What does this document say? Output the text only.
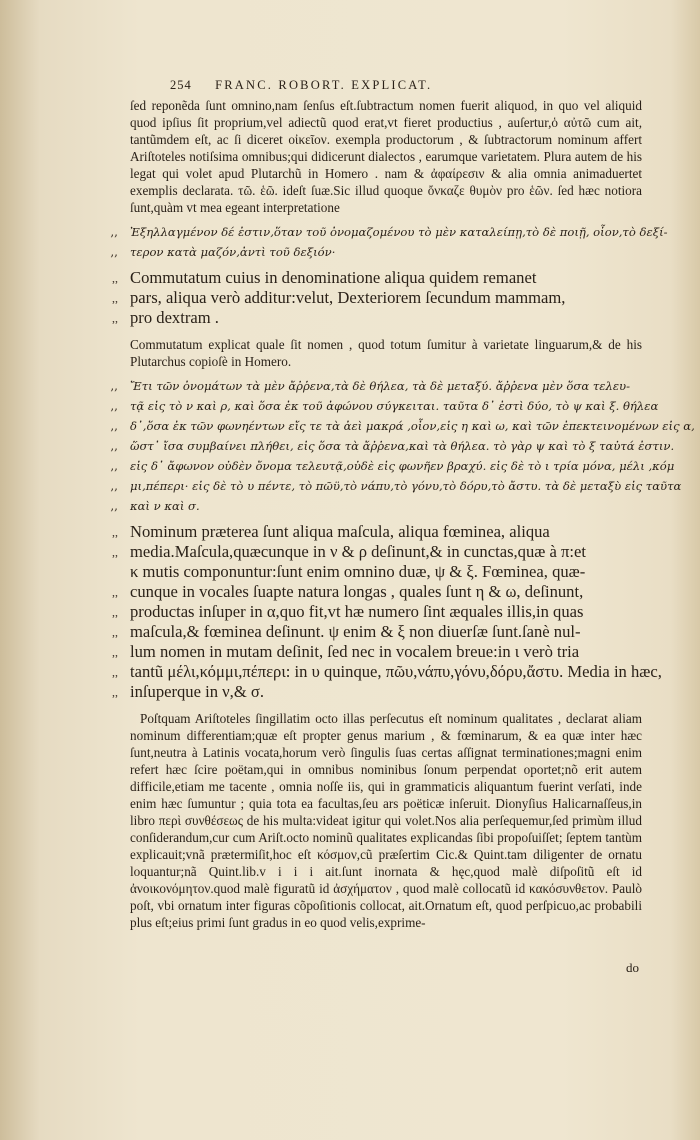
254 FRANC. ROBORT. EXPLICAT.

ſed reponẽda ſunt omnino,nam ſenſus eſt.ſubtractum nomen fuerit aliquod, in quo vel aliquid quod ipſius ſit proprium,vel adiectũ quod erat,vt fieret productius , auſertur,ὁ αὐτῶ cum ait, tantũmdem eſt, ac ſi diceret οἰκεῖον. exempla productorum , & ſubtractorum nominum affert Ariſtoteles notiſsima omnibus;qui didicerunt dialectos , earumque varietatem. Plura autem de his legat qui volet apud Plutarchũ in Homero . nam & ἀφαίρεσιν & alia omnia animaduertet exemplis declarata. τῶ. ἑῶ. ideſt ſuæ.Sic illud quoque ὄνκαζε θυμὸν pro ἑῶν. ſed hæc notiora ſunt,quàm vt mea egeant interpretatione

,, Ἐξηλλαγμένον δέ ἐστιν,ὅταν τοῦ ὀνομαζομένου τὸ μὲν καταλείπῃ,τὸ δὲ ποιῇ, οἷον,τὸ δεξί-
,, τερον κατὰ μαζόν,ἀντὶ τοῦ δεξιόν·
,, Commutatum cuius in denominatione aliqua quidem remanet
,, pars, aliqua verò additur:velut, Dexteriorem ſecundum mammam,
,, pro dextram .

Commutatum explicat quale ſit nomen , quod totum ſumitur à varietate linguarum,& de his Plutarchus copioſè in Homero.

,, Ἔτι τῶν ὀνομάτων τὰ μὲν ἄῤῥενα,τὰ δὲ θήλεα, τὰ δὲ μεταξύ. ἄῤῥενα μὲν ὅσα τελευ-
,, τᾷ εἰς τὸ ν καὶ ρ, καὶ ὅσα ἐκ τοῦ ἀφώνου σύγκειται. ταῦτα δ᾽ ἐστὶ δύο, τὸ ψ καὶ ξ. θήλεα
,, δ᾽,ὅσα ἐκ τῶν φωνηέντων εἴς τε τὰ ἀεὶ μακρά ,οἷον,εἰς η καὶ ω, καὶ τῶν ἐπεκτεινομένων εἰς α,
,, ὥστ᾽ ἴσα συμβαίνει πλήθει, εἰς ὅσα τὰ ἄῤῥενα,καὶ τὰ θήλεα. τὸ γὰρ ψ καὶ τὸ ξ ταὐτά ἐστιν.
,, εἰς δ᾽ ἄφωνον οὐδὲν ὄνομα τελευτᾷ,οὐδὲ εἰς φωνῆεν βραχύ. εἰς δὲ τὸ ι τρία μόνα, μέλι ,κόμ
,, μι,πέπερι· εἰς δὲ τὸ υ πέντε, τὸ πῶϋ,τὸ νάπυ,τὸ γόνυ,τὸ δόρυ,τὸ ἄστυ. τὰ δὲ μεταξὺ εἰς ταῦτα
,, καὶ ν καὶ σ.
,, Nominum præterea ſunt aliqua maſcula, aliqua fœminea, aliqua
,, media.Maſcula,quæcunque in ν & ρ deſinunt,& in cunctas,quæ à π:et
κ mutis componuntur:ſunt enim omnino duæ, ψ & ξ. Fœminea, quæ-
,, cunque in vocales ſuapte natura longas , quales ſunt η & ω, deſinunt,
,, productas inſuper in α,quo fit,vt hæ numero ſint æquales illis,in quas
,, maſcula,& fœminea deſinunt. ψ enim & ξ non diuerſæ ſunt.ſanè nul-
,, lum nomen in mutam deſinit, ſed nec in vocalem breue:in ι verò tria
,, tantũ μέλι,κόμμι,πέπερι: in υ quinque, πῶυ,νάπυ,γόνυ,δόρυ,ἄστυ. Media in hæc,
,, inſuperque in ν,& σ.

Poſtquam Ariſtoteles ſingillatim octo illas perſecutus eſt nominum qualitates , declarat aliam nominum differentiam;quæ eſt propter genus marium , & fœminarum, & ea quæ inter hæc ſunt,neutra à Latinis vocata,horum verò ſingulis ſuas certas aſſignat terminationes;magni enim refert hæc ſcire poëtam,qui in omnibus nominibus ſonum perpendat oportet;nõ erit autem difficile,etiam me tacente , omnia noſſe iis, qui in grammaticis aliquantum fuerint verſati, inde enim hæc ſumuntur ; quia tota ea facultas,ſeu ars poëticæ inſeruit. Dionyſius Halicarnaſſeus,in librο περὶ συνθέσεως de his multa:videat igitur qui volet.Nos alia perſequemur,ſed primùm illud conſiderandum,cur cum Ariſt.octo nominũ qualitates explicandas ſibi propoſuiſſet; ſeptem tantùm explicauit;vnã prætermiſit,hoc eſt κόσμον,cũ præſertim Cic.& Quint.tam diligenter de ornatu loquantur;nã Quint.lib.v i i i ait.ſunt inornata & hęc,quod malè diſpoſitũ eſt id ἀνοικονόμητον.quod malè figuratũ id ἀσχήματον , quod malè collocatũ id κακόσυνθετον. Paulò poſt, vbi ornatum inter figuras cõpoſitionis collocat, ait.Ornatum eſt, quod perſpicuo,ac probabili plus eſt;eius primi ſunt gradus in eo quod velis,exprime-

do
